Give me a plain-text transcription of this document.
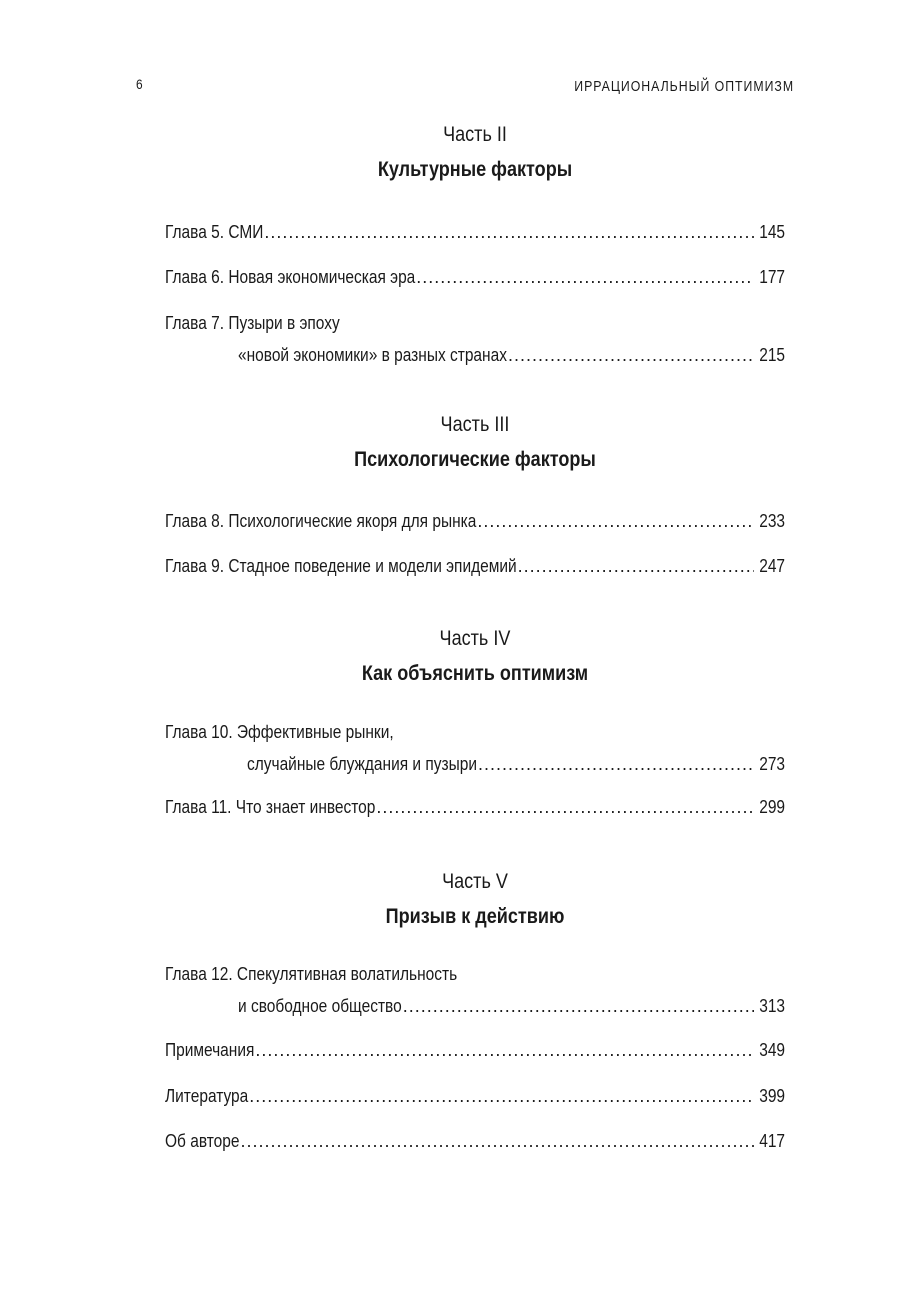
6	ИРРАЦИОНАЛЬНЫЙ ОПТИМИЗМ
Часть II
Культурные факторы
Глава 5. СМИ .....	145
Глава 6. Новая экономическая эра .....	177
Глава 7. Пузыри в эпоху
«новой экономики» в разных странах .....	215
Часть III
Психологические факторы
Глава 8. Психологические якоря для рынка .....	233
Глава 9. Стадное поведение и модели эпидемий .....	247
Часть IV
Как объяснить оптимизм
Глава 10. Эффективные рынки,
случайные блуждания и пузыри .....	273
Глава 11. Что знает инвестор .....	299
Часть V
Призыв к действию
Глава 12. Спекулятивная волатильность
и свободное общество .....	313
Примечания .....	349
Литература .....	399
Об авторе .....	417
